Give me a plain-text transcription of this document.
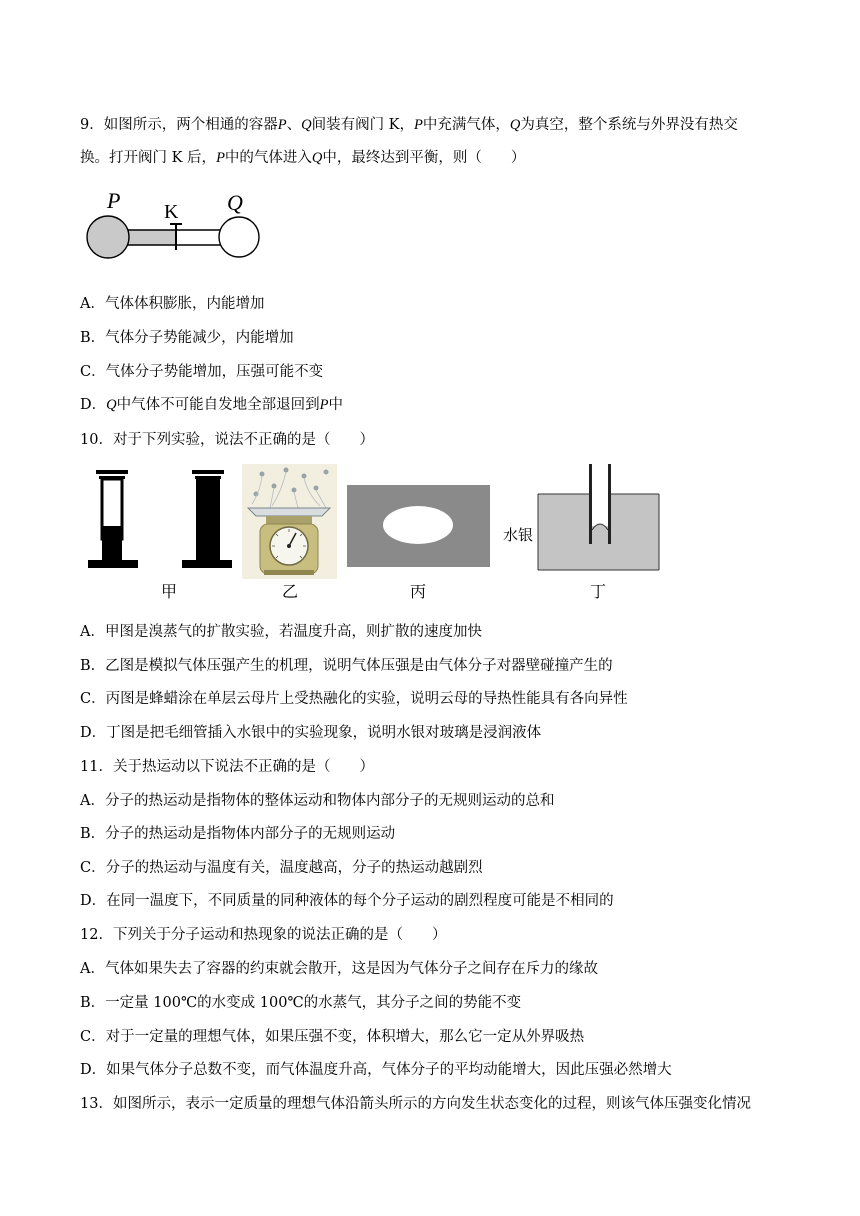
9．如图所示，两个相通的容器P、Q间装有阀门 K，P中充满气体，Q为真空，整个系统与外界没有热交
换。打开阀门 K 后，P中的气体进入Q中，最终达到平衡，则（　　）
P K Q
A．气体体积膨胀，内能增加
B．气体分子势能减少，内能增加
C．气体分子势能增加，压强可能不变
D．Q中气体不可能自发地全部退回到P中
10．对于下列实验，说法不正确的是（　　）
甲	乙	丙
水银
丁
A．甲图是溴蒸气的扩散实验，若温度升高，则扩散的速度加快
B．乙图是模拟气体压强产生的机理，说明气体压强是由气体分子对器壁碰撞产生的
C．丙图是蜂蜡涂在单层云母片上受热融化的实验，说明云母的导热性能具有各向异性
D．丁图是把毛细管插入水银中的实验现象，说明水银对玻璃是浸润液体
11．关于热运动以下说法不正确的是（　　）
A．分子的热运动是指物体的整体运动和物体内部分子的无规则运动的总和
B．分子的热运动是指物体内部分子的无规则运动
C．分子的热运动与温度有关，温度越高，分子的热运动越剧烈
D．在同一温度下，不同质量的同种液体的每个分子运动的剧烈程度可能是不相同的
12．下列关于分子运动和热现象的说法正确的是（　　）
A．气体如果失去了容器的约束就会散开，这是因为气体分子之间存在斥力的缘故
B．一定量 100℃的水变成 100℃的水蒸气，其分子之间的势能不变
C．对于一定量的理想气体，如果压强不变，体积增大，那么它一定从外界吸热
D．如果气体分子总数不变，而气体温度升高，气体分子的平均动能增大，因此压强必然增大
13．如图所示，表示一定质量的理想气体沿箭头所示的方向发生状态变化的过程，则该气体压强变化情况
